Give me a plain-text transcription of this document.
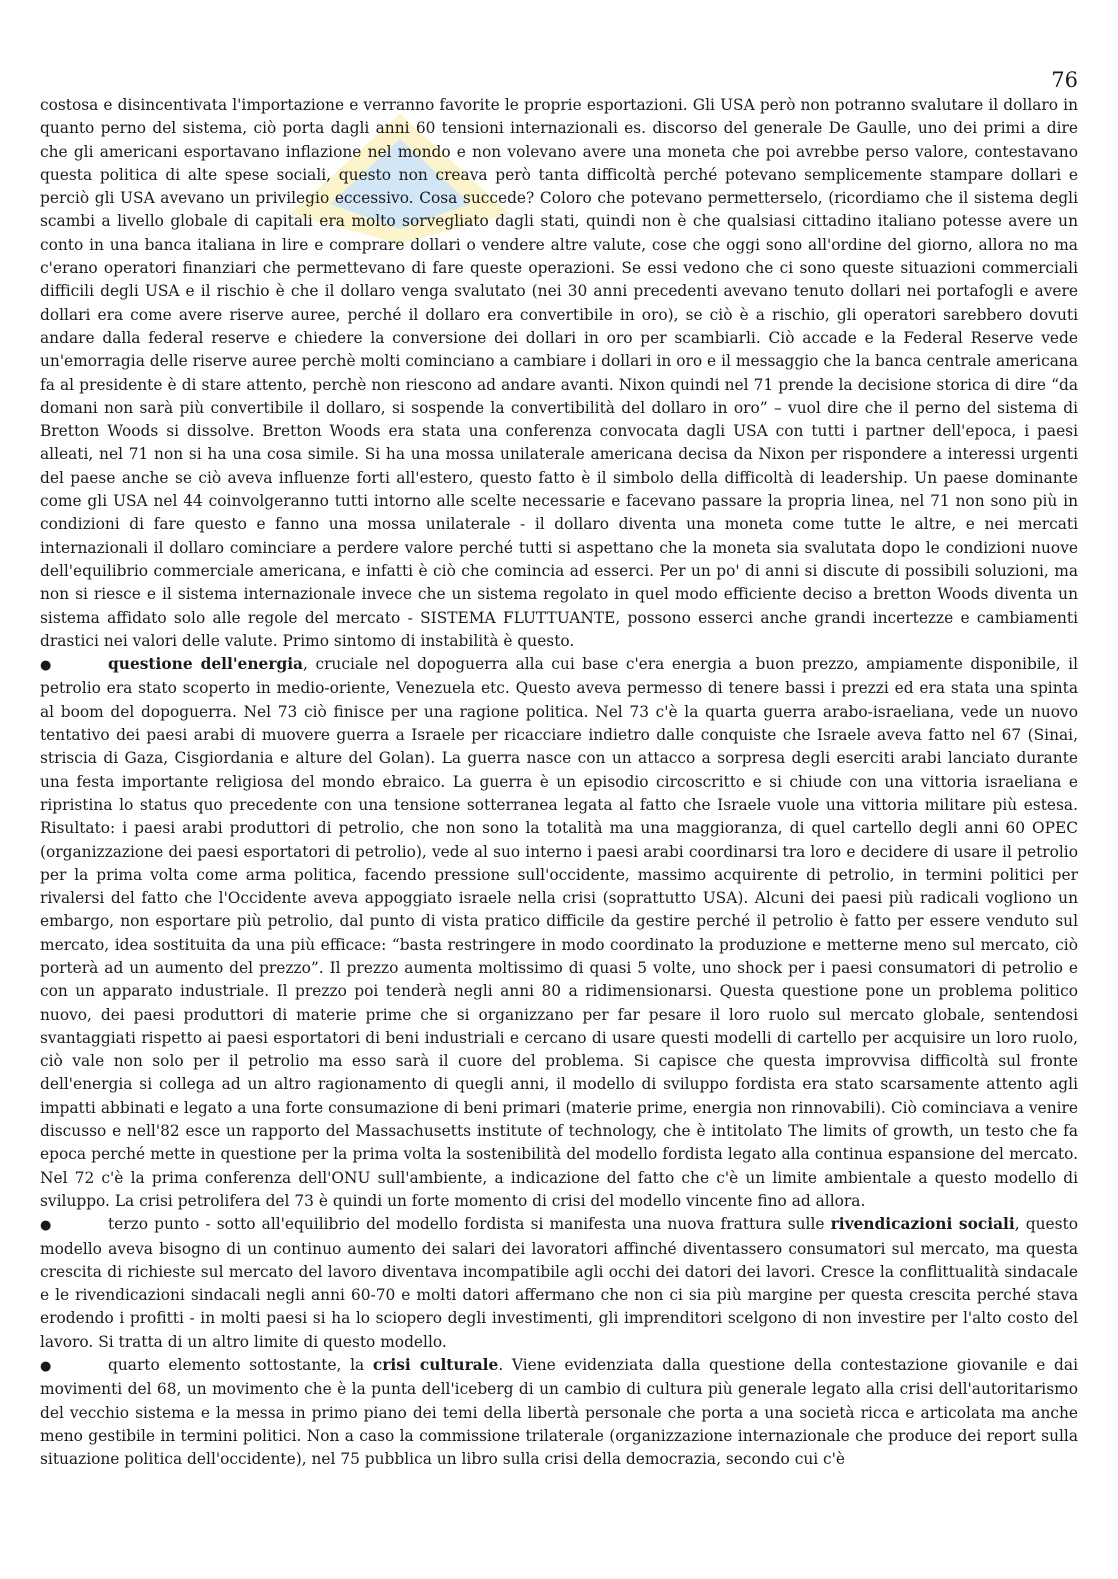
76

costosa e disincentivata l'importazione e verranno favorite le proprie esportazioni. Gli USA però non potranno svalutare il dollaro in quanto perno del sistema, ciò porta dagli anni 60 tensioni internazionali es. discorso del generale De Gaulle, uno dei primi a dire che gli americani esportavano inflazione nel mondo e non volevano avere una moneta che poi avrebbe perso valore, contestavano questa politica di alte spese sociali, questo non creava però tanta difficoltà perché potevano semplicemente stampare dollari e perciò gli USA avevano un privilegio eccessivo. Cosa succede? Coloro che potevano permetterselo, (ricordiamo che il sistema degli scambi a livello globale di capitali era molto sorvegliato dagli stati, quindi non è che qualsiasi cittadino italiano potesse avere un conto in una banca italiana in lire e comprare dollari o vendere altre valute, cose che oggi sono all'ordine del giorno, allora no ma c'erano operatori finanziari che permettevano di fare queste operazioni. Se essi vedono che ci sono queste situazioni commerciali difficili degli USA e il rischio è che il dollaro venga svalutato (nei 30 anni precedenti avevano tenuto dollari nei portafogli e avere dollari era come avere riserve auree, perché il dollaro era convertibile in oro), se ciò è a rischio, gli operatori sarebbero dovuti andare dalla federal reserve e chiedere la conversione dei dollari in oro per scambiarli. Ciò accade e la Federal Reserve vede un'emorragia delle riserve auree perchè molti cominciano a cambiare i dollari in oro e il messaggio che la banca centrale americana fa al presidente è di stare attento, perchè non riescono ad andare avanti. Nixon quindi nel 71 prende la decisione storica di dire “da domani non sarà più convertibile il dollaro, si sospende la convertibilità del dollaro in oro” – vuol dire che il perno del sistema di Bretton Woods si dissolve. Bretton Woods era stata una conferenza convocata dagli USA con tutti i partner dell'epoca, i paesi alleati, nel 71 non si ha una cosa simile. Si ha una mossa unilaterale americana decisa da Nixon per rispondere a interessi urgenti del paese anche se ciò aveva influenze forti all'estero, questo fatto è il simbolo della difficoltà di leadership. Un paese dominante come gli USA nel 44 coinvolgeranno tutti intorno alle scelte necessarie e facevano passare la propria linea, nel 71 non sono più in condizioni di fare questo e fanno una mossa unilaterale - il dollaro diventa una moneta come tutte le altre, e nei mercati internazionali il dollaro cominciare a perdere valore perché tutti si aspettano che la moneta sia svalutata dopo le condizioni nuove dell'equilibrio commerciale americana, e infatti è ciò che comincia ad esserci. Per un po' di anni si discute di possibili soluzioni, ma non si riesce e il sistema internazionale invece che un sistema regolato in quel modo efficiente deciso a bretton Woods diventa un sistema affidato solo alle regole del mercato - SISTEMA FLUTTUANTE, possono esserci anche grandi incertezze e cambiamenti drastici nei valori delle valute. Primo sintomo di instabilità è questo.

●	questione dell'energia, cruciale nel dopoguerra alla cui base c'era energia a buon prezzo, ampiamente disponibile, il petrolio era stato scoperto in medio-oriente, Venezuela etc. Questo aveva permesso di tenere bassi i prezzi ed era stata una spinta al boom del dopoguerra. Nel 73 ciò finisce per una ragione politica. Nel 73 c'è la quarta guerra arabo-israeliana, vede un nuovo tentativo dei paesi arabi di muovere guerra a Israele per ricacciare indietro dalle conquiste che Israele aveva fatto nel 67 (Sinai, striscia di Gaza, Cisgiordania e alture del Golan). La guerra nasce con un attacco a sorpresa degli eserciti arabi lanciato durante una festa importante religiosa del mondo ebraico. La guerra è un episodio circoscritto e si chiude con una vittoria israeliana e ripristina lo status quo precedente con una tensione sotterranea legata al fatto che Israele vuole una vittoria militare più estesa. Risultato: i paesi arabi produttori di petrolio, che non sono la totalità ma una maggioranza, di quel cartello degli anni 60 OPEC (organizzazione dei paesi esportatori di petrolio), vede al suo interno i paesi arabi coordinarsi tra loro e decidere di usare il petrolio per la prima volta come arma politica, facendo pressione sull'occidente, massimo acquirente di petrolio, in termini politici per rivalersi del fatto che l'Occidente aveva appoggiato israele nella crisi (soprattutto USA). Alcuni dei paesi più radicali vogliono un embargo, non esportare più petrolio, dal punto di vista pratico difficile da gestire perché il petrolio è fatto per essere venduto sul mercato, idea sostituita da una più efficace: “basta restringere in modo coordinato la produzione e metterne meno sul mercato, ciò porterà ad un aumento del prezzo”. Il prezzo aumenta moltissimo di quasi 5 volte, uno shock per i paesi consumatori di petrolio e con un apparato industriale. Il prezzo poi tenderà negli anni 80 a ridimensionarsi. Questa questione pone un problema politico nuovo, dei paesi produttori di materie prime che si organizzano per far pesare il loro ruolo sul mercato globale, sentendosi svantaggiati rispetto ai paesi esportatori di beni industriali e cercano di usare questi modelli di cartello per acquisire un loro ruolo, ciò vale non solo per il petrolio ma esso sarà il cuore del problema. Si capisce che questa improvvisa difficoltà sul fronte dell'energia si collega ad un altro ragionamento di quegli anni, il modello di sviluppo fordista era stato scarsamente attento agli impatti abbinati e legato a una forte consumazione di beni primari (materie prime, energia non rinnovabili). Ciò cominciava a venire discusso e nell'82 esce un rapporto del Massachusetts institute of technology, che è intitolato The limits of growth, un testo che fa epoca perché mette in questione per la prima volta la sostenibilità del modello fordista legato alla continua espansione del mercato. Nel 72 c'è la prima conferenza dell'ONU sull'ambiente, a indicazione del fatto che c'è un limite ambientale a questo modello di sviluppo. La crisi petrolifera del 73 è quindi un forte momento di crisi del modello vincente fino ad allora.

●	terzo punto - sotto all'equilibrio del modello fordista si manifesta una nuova frattura sulle rivendicazioni sociali, questo modello aveva bisogno di un continuo aumento dei salari dei lavoratori affinché diventassero consumatori sul mercato, ma questa crescita di richieste sul mercato del lavoro diventava incompatibile agli occhi dei datori dei lavori. Cresce la conflittualità sindacale e le rivendicazioni sindacali negli anni 60-70 e molti datori affermano che non ci sia più margine per questa crescita perché stava erodendo i profitti - in molti paesi si ha lo sciopero degli investimenti, gli imprenditori scelgono di non investire per l'alto costo del lavoro. Si tratta di un altro limite di questo modello.

●	quarto elemento sottostante, la crisi culturale. Viene evidenziata dalla questione della contestazione giovanile e dai movimenti del 68, un movimento che è la punta dell'iceberg di un cambio di cultura più generale legato alla crisi dell'autoritarismo del vecchio sistema e la messa in primo piano dei temi della libertà personale che porta a una società ricca e articolata ma anche meno gestibile in termini politici. Non a caso la commissione trilaterale (organizzazione internazionale che produce dei report sulla situazione politica dell'occidente), nel 75 pubblica un libro sulla crisi della democrazia, secondo cui c'è
